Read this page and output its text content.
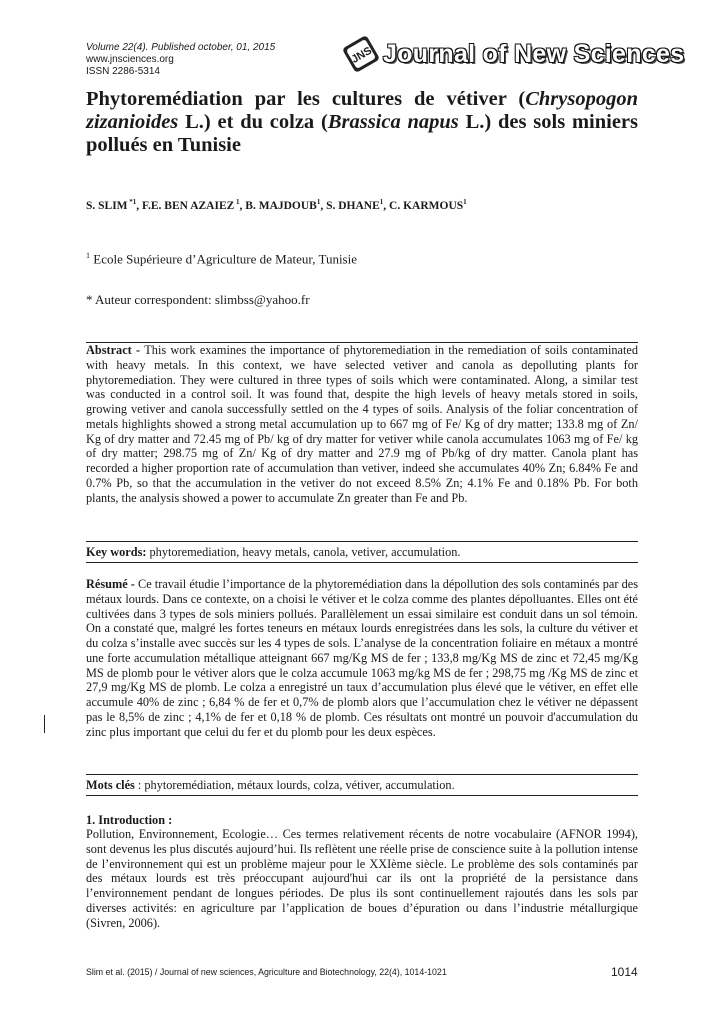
Volume 22(4). Published october, 01, 2015
www.jnsciences.org
ISSN 2286-5314
JNS Journal of New Sciences
Phytoremédiation par les cultures de vétiver (Chrysopogon zizanioides L.) et du colza (Brassica napus L.) des sols miniers pollués en Tunisie
S. SLIM $^{*1}$, F.E. BEN AZAIEZ $^1$, B. MAJDOUB$^1$, S. DHANE$^1$, C. KARMOUS$^1$
$^1$ Ecole Supérieure d’Agriculture de Mateur, Tunisie
* Auteur correspondent: slimbss@yahoo.fr
Abstract - This work examines the importance of phytoremediation in the remediation of soils contaminated with heavy metals. In this context, we have selected vetiver and canola as depolluting plants for phytoremediation. They were cultured in three types of soils which were contaminated. Along, a similar test was conducted in a control soil. It was found that, despite the high levels of heavy metals stored in soils, growing vetiver and canola successfully settled on the 4 types of soils. Analysis of the foliar concentration of metals highlights showed a strong metal accumulation up to 667 mg of Fe/ Kg of dry matter; 133.8 mg of Zn/ Kg of dry matter and 72.45 mg of Pb/ kg of dry matter for vetiver while canola accumulates 1063 mg of Fe/ kg of dry matter; 298.75 mg of Zn/ Kg of dry matter and 27.9 mg of Pb/kg of dry matter. Canola plant has recorded a higher proportion rate of accumulation than vetiver, indeed she accumulates 40% Zn; 6.84% Fe and 0.7% Pb, so that the accumulation in the vetiver do not exceed 8.5% Zn; 4.1% Fe and 0.18% Pb. For both plants, the analysis showed a power to accumulate Zn greater than Fe and Pb.
Key words: phytoremediation, heavy metals, canola, vetiver, accumulation.
Résumé - Ce travail étudie l’importance de la phytoremédiation dans la dépollution des sols contaminés par des métaux lourds. Dans ce contexte, on a choisi le vétiver et le colza comme des plantes dépolluantes. Elles ont été cultivées dans 3 types de sols miniers pollués. Parallèlement un essai similaire est conduit dans un sol témoin. On a constaté que, malgré les fortes teneurs en métaux lourds enregistrées dans les sols, la culture du vétiver et du colza s’installe avec succès sur les 4 types de sols. L’analyse de la concentration foliaire en métaux a montré une forte accumulation métallique atteignant 667 mg/Kg MS de fer ; 133,8 mg/Kg MS de zinc et 72,45 mg/Kg MS de plomb pour le vétiver alors que le colza accumule 1063 mg/kg MS de fer ; 298,75 mg /Kg MS de zinc et 27,9 mg/Kg MS de plomb. Le colza a enregistré un taux d’accumulation plus élevé que le vétiver, en effet elle accumule 40% de zinc ; 6,84 % de fer et 0,7% de plomb alors que l’accumulation chez le vétiver ne dépassent pas le 8,5% de zinc ; 4,1% de fer et 0,18 % de plomb. Ces résultats ont montré un pouvoir d'accumulation du zinc plus important que celui du fer et du plomb pour les deux espèces.
Mots clés : phytoremédiation, métaux lourds, colza, vétiver, accumulation.
1. Introduction :
Pollution, Environnement, Ecologie… Ces termes relativement récents de notre vocabulaire (AFNOR 1994), sont devenus les plus discutés aujourd’hui. Ils reflètent une réelle prise de conscience suite à la pollution intense de l’environnement qui est un problème majeur pour le XXIème siècle. Le problème des sols contaminés par des métaux lourds est très préoccupant aujourd'hui car ils ont la propriété de la persistance dans l’environnement pendant de longues périodes. De plus ils sont continuellement rajoutés dans les sols par diverses activités: en agriculture par l’application de boues d’épuration ou dans l’industrie métallurgique (Sivren, 2006).
Slim et al. (2015) / Journal of new sciences, Agriculture and Biotechnology, 22(4), 1014-1021	1014
